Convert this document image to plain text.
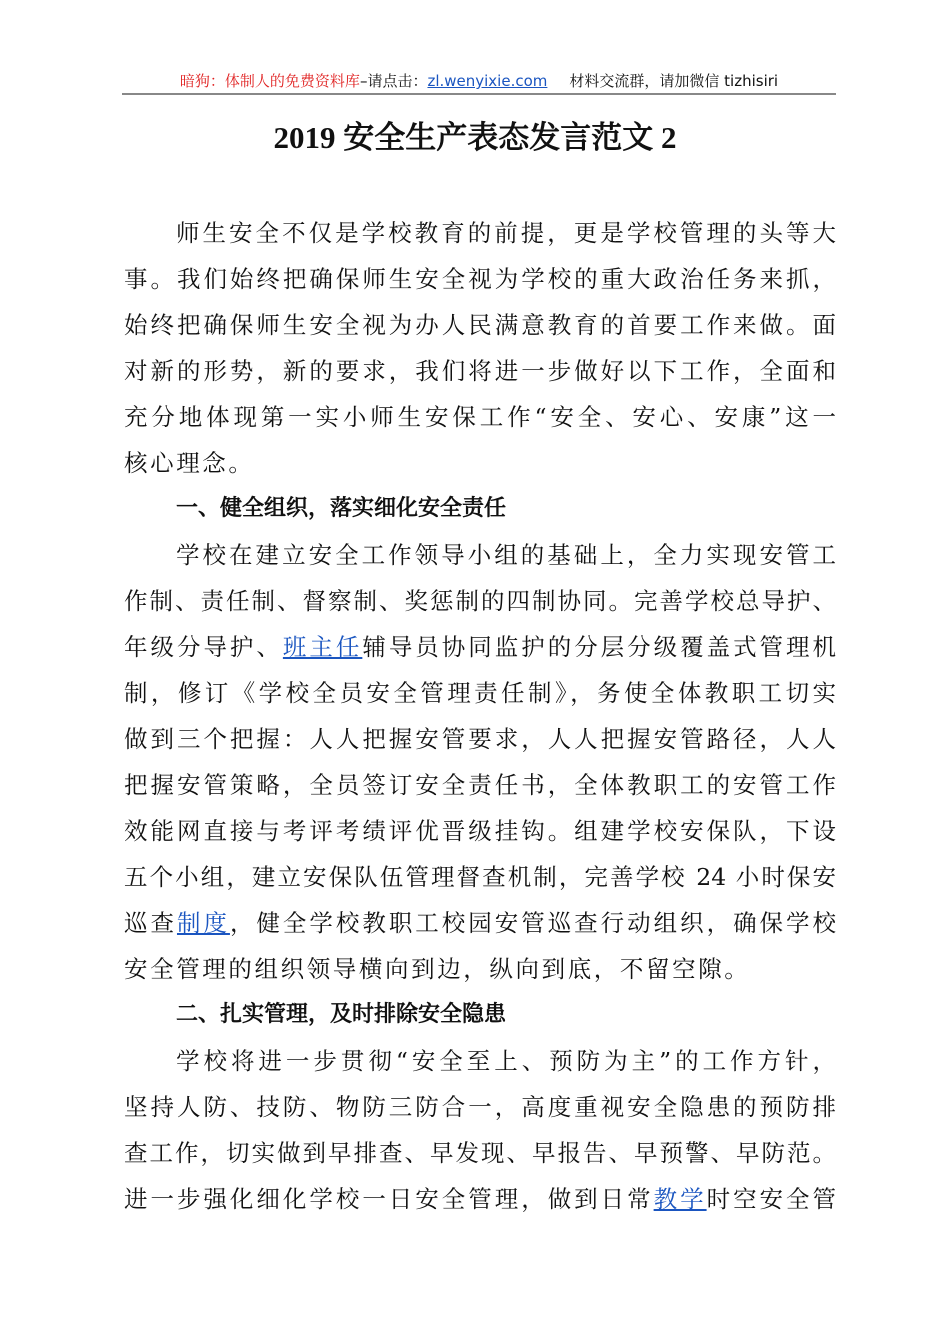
暗狗：体制人的免费资料库–请点击：zl.wenyixie.com 材料交流群，请加微信 tizhisiri
2019 安全生产表态发言范文 2
师生安全不仅是学校教育的前提，更是学校管理的头等大
事。我们始终把确保师生安全视为学校的重大政治任务来抓，
始终把确保师生安全视为办人民满意教育的首要工作来做。面
对新的形势，新的要求，我们将进一步做好以下工作，全面和
充分地体现第一实小师生安保工作“安全、安心、安康”这一
核心理念。
一、健全组织，落实细化安全责任
学校在建立安全工作领导小组的基础上，全力实现安管工
作制、责任制、督察制、奖惩制的四制协同。完善学校总导护、
年级分导护、班主任辅导员协同监护的分层分级覆盖式管理机
制，修订《学校全员安全管理责任制》，务使全体教职工切实
做到三个把握：人人把握安管要求，人人把握安管路径，人人
把握安管策略，全员签订安全责任书，全体教职工的安管工作
效能网直接与考评考绩评优晋级挂钩。组建学校安保队，下设
五个小组，建立安保队伍管理督查机制，完善学校 24 小时保安
巡查制度，健全学校教职工校园安管巡查行动组织，确保学校
安全管理的组织领导横向到边，纵向到底，不留空隙。
二、扎实管理，及时排除安全隐患
学校将进一步贯彻“安全至上、预防为主”的工作方针，
坚持人防、技防、物防三防合一，高度重视安全隐患的预防排
查工作，切实做到早排查、早发现、早报告、早预警、早防范。
进一步强化细化学校一日安全管理，做到日常教学时空安全管
